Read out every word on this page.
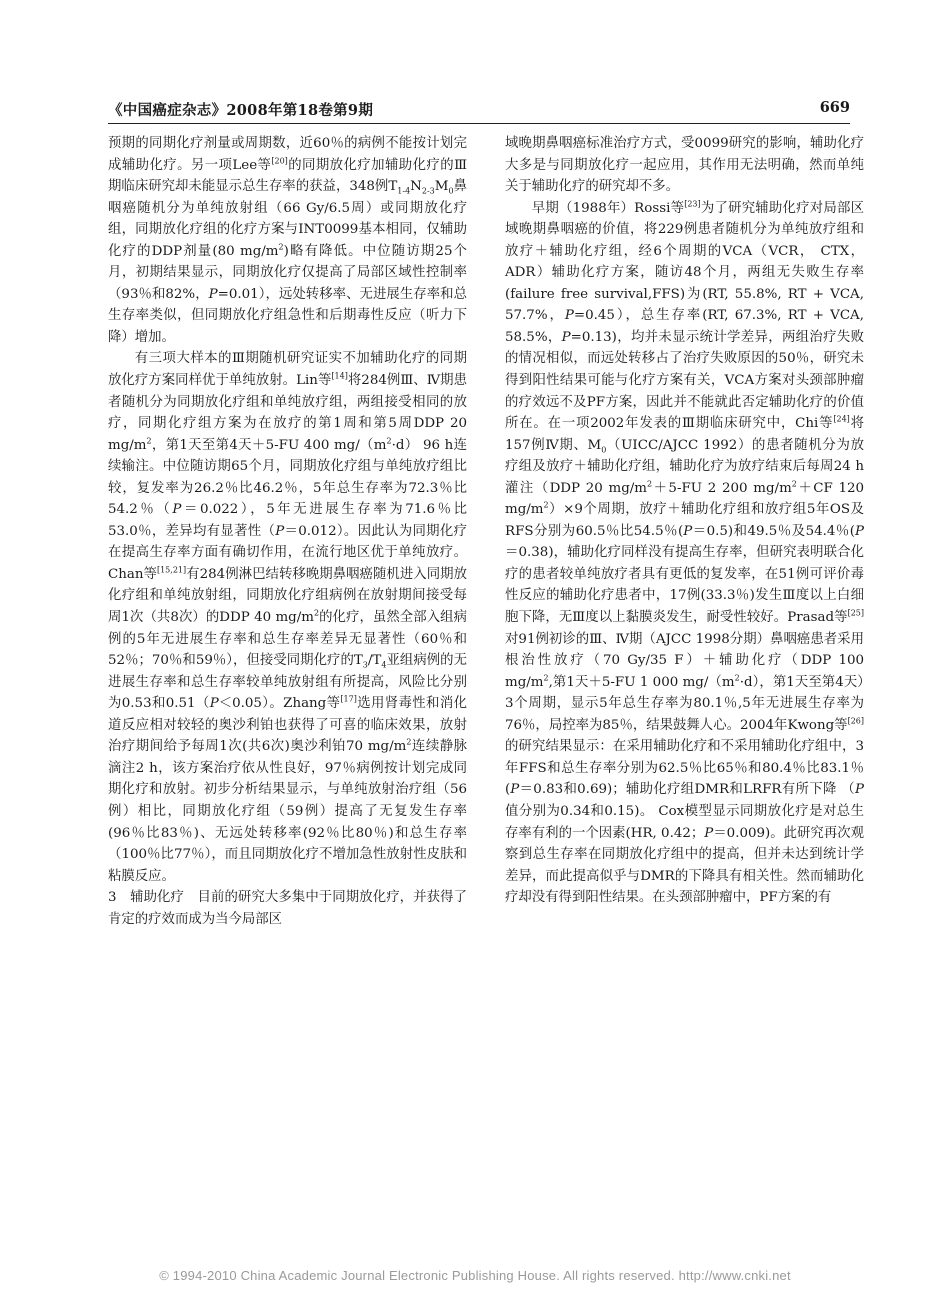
《中国癌症杂志》2008年第18卷第9期	669

预期的同期化疗剂量或周期数，近60％的病例不能按计划完成辅助化疗。另一项Lee等[20]的同期放化疗加辅助化疗的Ⅲ期临床研究却未能显示总生存率的获益，348例$T_{1-4}N_{2-3}M_0$鼻咽癌随机分为单纯放射组（66 Gy/6.5周）或同期放化疗组，同期放化疗组的化疗方案与INT0099基本相同，仅辅助化疗的DDP剂量(80 $mg/m^2$)略有降低。中位随访期25个月，初期结果显示，同期放化疗仅提高了局部区域性控制率（93％和82%，P=0.01），远处转移率、无进展生存率和总生存率类似，但同期放化疗组急性和后期毒性反应（听力下降）增加。

有三项大样本的Ⅲ期随机研究证实不加辅助化疗的同期放化疗方案同样优于单纯放射。Lin等[14]将284例Ⅲ、Ⅳ期患者随机分为同期放化疗组和单纯放疗组，两组接受相同的放疗，同期化疗组方案为在放疗的第1周和第5周DDP 20 $mg/m^2$，第1天至第4天＋5-FU 400 $mg/(m^2\cdot d)$ 96 h连续输注。中位随访期65个月，同期放化疗组与单纯放疗组比较，复发率为26.2％比46.2％，5年总生存率为72.3％比54.2％（P＝0.022），5年无进展生存率为71.6％比53.0％，差异均有显著性（P＝0.012）。因此认为同期化疗在提高生存率方面有确切作用，在流行地区优于单纯放疗。Chan等[15,21]有284例淋巴结转移晚期鼻咽癌随机进入同期放化疗组和单纯放射组，同期放化疗组病例在放射期间接受每周1次（共8次）的DDP 40 $mg/m^2$的化疗，虽然全部入组病例的5年无进展生存率和总生存率差异无显著性（60％和52％；70％和59％），但接受同期化疗的$T_3/T_4$亚组病例的无进展生存率和总生存率较单纯放射组有所提高，风险比分别为0.53和0.51（P＜0.05）。Zhang等[17]选用肾毒性和消化道反应相对较轻的奥沙利铂也获得了可喜的临床效果，放射治疗期间给予每周1次(共6次)奥沙利铂70 $mg/m^2$连续静脉滴注2 h，该方案治疗依从性良好，97％病例按计划完成同期化疗和放射。初步分析结果显示，与单纯放射治疗组（56例）相比，同期放化疗组（59例）提高了无复发生存率(96％比83％)、无远处转移率(92％比80％)和总生存率（100％比77％），而且同期放化疗不增加急性放射性皮肤和粘膜反应。

3　辅助化疗　目前的研究大多集中于同期放化疗，并获得了肯定的疗效而成为当今局部区

域晚期鼻咽癌标准治疗方式，受0099研究的影响，辅助化疗大多是与同期放化疗一起应用，其作用无法明确，然而单纯关于辅助化疗的研究却不多。

早期（1988年）Rossi等[23]为了研究辅助化疗对局部区域晚期鼻咽癌的价值，将229例患者随机分为单纯放疗组和放疗＋辅助化疗组，经6个周期的VCA（VCR， CTX， ADR）辅助化疗方案，随访48个月，两组无失败生存率(failure free survival,FFS)为(RT, 55.8%, RT + VCA, 57.7%，P=0.45），总生存率(RT, 67.3%, RT + VCA, 58.5%，P=0.13)，均并未显示统计学差异，两组治疗失败的情况相似，而远处转移占了治疗失败原因的50％，研究未得到阳性结果可能与化疗方案有关，VCA方案对头颈部肿瘤的疗效远不及PF方案，因此并不能就此否定辅助化疗的价值所在。在一项2002年发表的Ⅲ期临床研究中，Chi等[24]将157例Ⅳ期、$M_0(UICC$/AJCC 1992）的患者随机分为放疗组及放疗＋辅助化疗组，辅助化疗为放疗结束后每周24 h灌注（DDP 20 $mg/m^2+5-FU$ 2 200 $mg/m^2+CF$ 120 $mg/m^2)\times 9$个周期，放疗＋辅助化疗组和放疗组5年OS及RFS分别为60.5％比54.5％(P＝0.5)和49.5％及54.4％(P＝0.38)，辅助化疗同样没有提高生存率，但研究表明联合化疗的患者较单纯放疗者具有更低的复发率，在51例可评价毒性反应的辅助化疗患者中，17例(33.3％)发生Ⅲ度以上白细胞下降，无Ⅲ度以上黏膜炎发生，耐受性较好。Prasad等[25]对91例初诊的Ⅲ、Ⅳ期（AJCC 1998分期）鼻咽癌患者采用根治性放疗（70 Gy/35 F）＋辅助化疗（DDP 100 $mg/m^2$,第1天＋5-FU 1 000 $mg/(m^2\cdot d)$，第1天至第4天）3个周期，显示5年总生存率为80.1％,5年无进展生存率为76％，局控率为85％，结果鼓舞人心。2004年Kwong等[26]的研究结果显示：在采用辅助化疗和不采用辅助化疗组中，3年FFS和总生存率分别为62.5％比65％和80.4％比83.1％(P＝0.83和0.69)；辅助化疗组DMR和LRFR有所下降 （P值分别为0.34和0.15)。 Cox模型显示同期放化疗是对总生存率有利的一个因素(HR, 0.42；P＝0.009)。此研究再次观察到总生存率在同期放化疗组中的提高，但并未达到统计学差异，而此提高似乎与DMR的下降具有相关性。然而辅助化疗却没有得到阳性结果。在头颈部肿瘤中，PF方案的有

© 1994-2010 China Academic Journal Electronic Publishing House. All rights reserved. http://www.cnki.net
